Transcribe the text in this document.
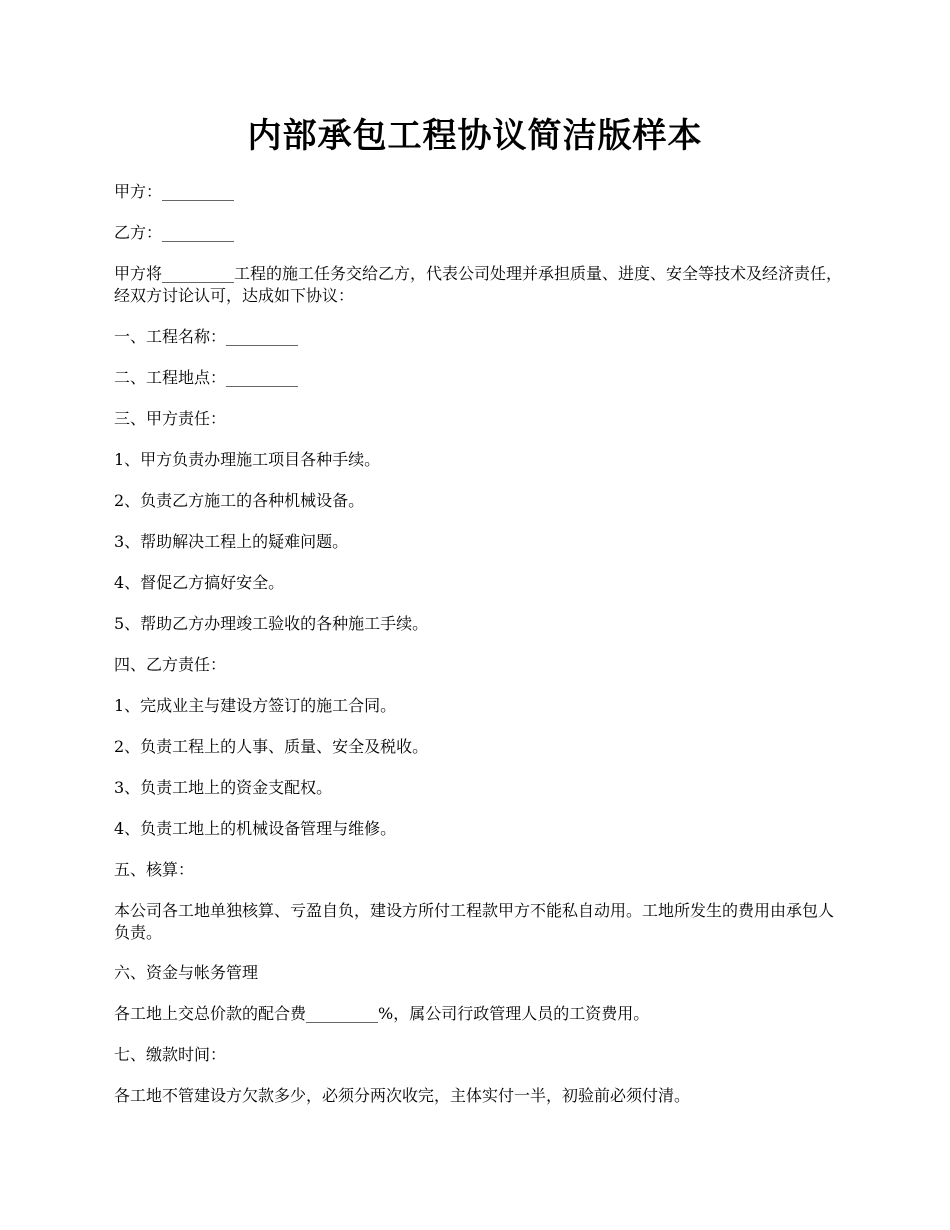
内部承包工程协议简洁版样本

甲方：_________

乙方：_________

甲方将_________工程的施工任务交给乙方，代表公司处理并承担质量、进度、安全等技术及经济责任，经双方讨论认可，达成如下协议：

一、工程名称：_________

二、工程地点：_________

三、甲方责任：

1、甲方负责办理施工项目各种手续。

2、负责乙方施工的各种机械设备。

3、帮助解决工程上的疑难问题。

4、督促乙方搞好安全。

5、帮助乙方办理竣工验收的各种施工手续。

四、乙方责任：

1、完成业主与建设方签订的施工合同。

2、负责工程上的人事、质量、安全及税收。

3、负责工地上的资金支配权。

4、负责工地上的机械设备管理与维修。

五、核算：

本公司各工地单独核算、亏盈自负，建设方所付工程款甲方不能私自动用。工地所发生的费用由承包人负责。

六、资金与帐务管理

各工地上交总价款的配合费_________%，属公司行政管理人员的工资费用。

七、缴款时间：

各工地不管建设方欠款多少，必须分两次收完，主体实付一半，初验前必须付清。
